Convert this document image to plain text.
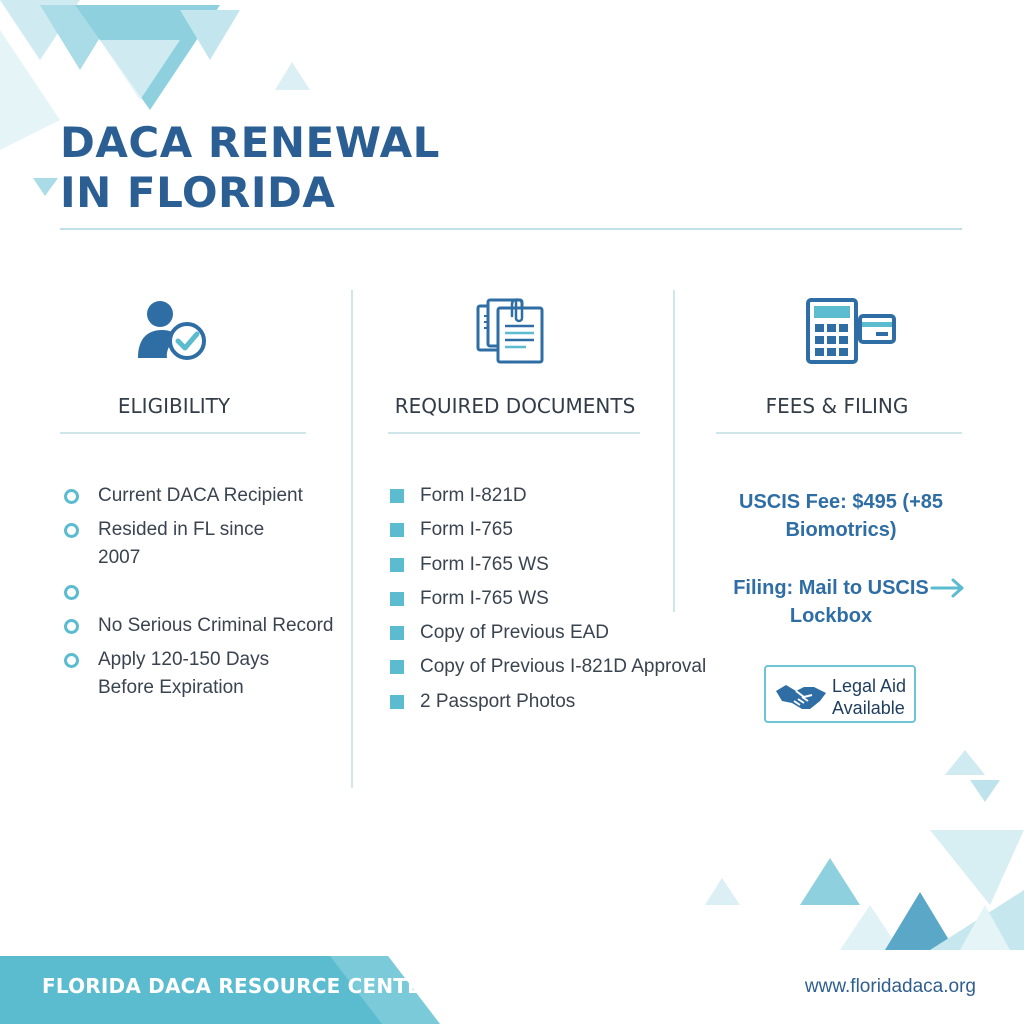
DACA RENEWAL
IN FLORIDA
ELIGIBILITY
Current DACA Recipient
Resided in FL since 2007
No Serious Criminal Record
Apply 120-150 Days Before Expiration
REQUIRED DOCUMENTS
Form I-821D
Form I-765
Form I-765 WS
Form I-765 WS
Copy of Previous EAD
Copy of Previous I-821D Approval
2 Passport Photos
FEES & FILING
USCIS Fee: $495 (+85 Biomotrics)
Filing: Mail to USCIS Lockbox
Legal Aid Available
FLORIDA DACA RESOURCE CENTER	www.floridadaca.org
